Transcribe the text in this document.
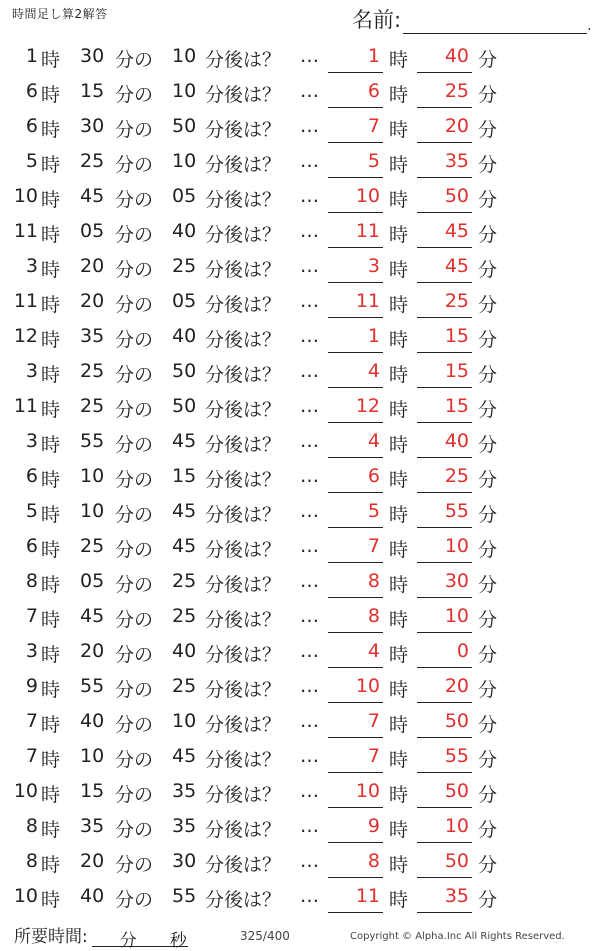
時間足し算2解答	名前:	.
1 時 30 分の 10 分後は？ …	1 時 40 分
6 時 15 分の 10 分後は？ …	6 時 25 分
6 時 30 分の 50 分後は？ …	7 時 20 分
5 時 25 分の 10 分後は？ …	5 時 35 分
10 時 45 分の 05 分後は？ … 10 時 50 分
11 時 05 分の 40 分後は？ … 11 時 45 分
3 時 20 分の 25 分後は？ …	3 時 45 分
11 時 20 分の 05 分後は？ … 11 時 25 分
12 時 35 分の 40 分後は？ …	1 時 15 分
3 時 25 分の 50 分後は？ …	4 時 15 分
11 時 25 分の 50 分後は？ … 12 時 15 分
3 時 55 分の 45 分後は？ …	4 時 40 分
6 時 10 分の 15 分後は？ …	6 時 25 分
5 時 10 分の 45 分後は？ …	5 時 55 分
6 時 25 分の 45 分後は？ …	7 時 10 分
8 時 05 分の 25 分後は？ …	8 時 30 分
7 時 45 分の 25 分後は？ …	8 時 10 分
3 時 20 分の 40 分後は？ …	4 時	0 分
9 時 55 分の 25 分後は？ … 10 時 20 分
7 時 40 分の 10 分後は？ …	7 時 50 分
7 時 10 分の 45 分後は？ …	7 時 55 分
10 時 15 分の 35 分後は？ … 10 時 50 分
8 時 35 分の 35 分後は？ …	9 時 10 分
8 時 20 分の 30 分後は？ …	8 時 50 分
10 時 40 分の 55 分後は？ … 11 時 35 分
所要時間: 分 秒	325/400	Copyright © Alpha.Inc All Rights Reserved.
